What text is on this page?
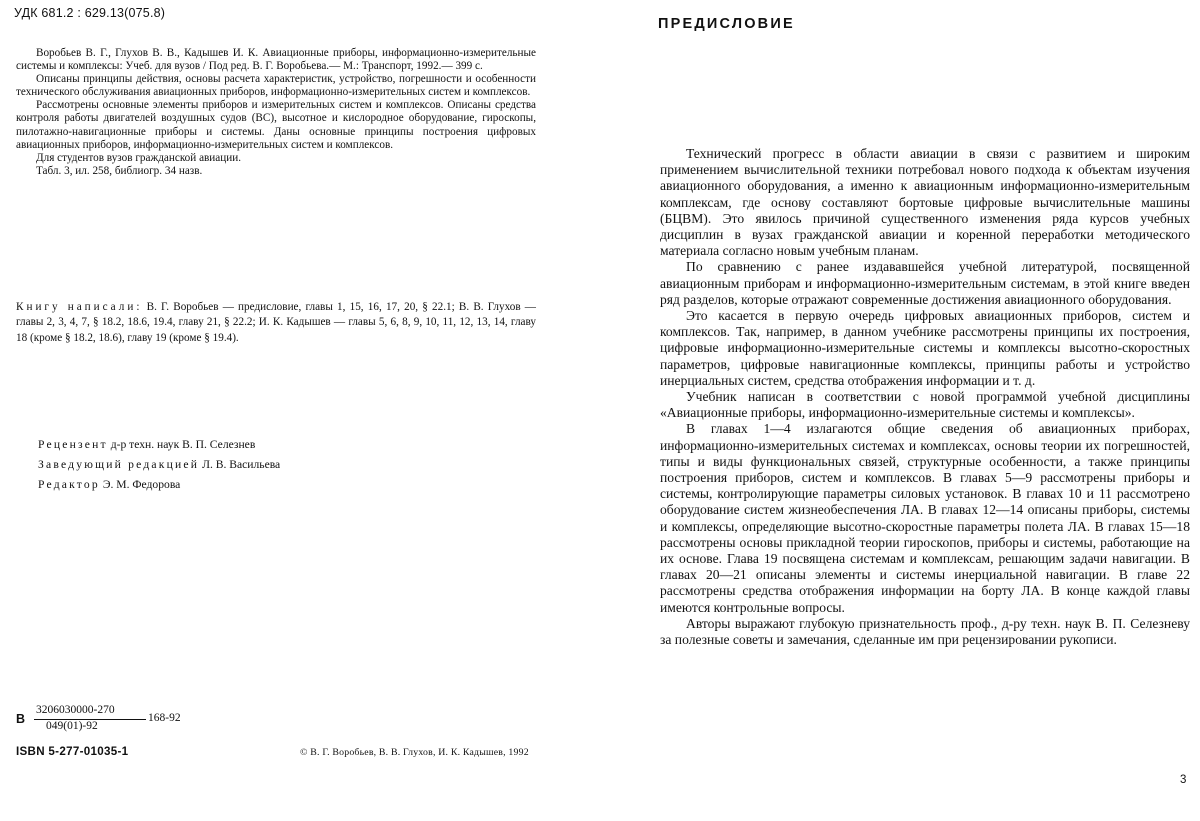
УДК 681.2 : 629.13(075.8)

Воробьев В. Г., Глухов В. В., Кадышев И. К. Авиационные приборы, информационно-измерительные системы и комплексы: Учеб. для вузов / Под ред. В. Г. Воробьева.— М.: Транспорт, 1992.— 399 с.

Описаны принципы действия, основы расчета характеристик, устройство, погрешности и особенности технического обслуживания авиационных приборов, информационно-измерительных систем и комплексов.

Рассмотрены основные элементы приборов и измерительных систем и комплексов. Описаны средства контроля работы двигателей воздушных судов (ВС), высотное и кислородное оборудование, гироскопы, пилотажно-навигационные приборы и системы. Даны основные принципы построения цифровых авиационных приборов, информационно-измерительных систем и комплексов.

Для студентов вузов гражданской авиации.

Табл. 3, ил. 258, библиогр. 34 назв.

Книгу написали: В. Г. Воробьев — предисловие, главы 1, 15, 16, 17, 20, § 22.1; В. В. Глухов — главы 2, 3, 4, 7, § 18.2, 18.6, 19.4, главу 21, § 22.2; И. К. Кадышев — главы 5, 6, 8, 9, 10, 11, 12, 13, 14, главу 18 (кроме § 18.2, 18.6), главу 19 (кроме § 19.4).
Рецензент д-р техн. наук В. П. Селезнев
Заведующий редакцией Л. В. Васильева
Редактор Э. М. Федорова
В
3206030000-270
049(01)-92
168-92
ISBN 5-277-01035-1	© В. Г. Воробьев, В. В. Глухов, И. К. Кадышев, 1992
ПРЕДИСЛОВИЕ

Технический прогресс в области авиации в связи с развитием и широким применением вычислительной техники потребовал нового подхода к объектам изучения авиационного оборудования, а именно к авиационным информационно-измерительным комплексам, где основу составляют бортовые цифровые вычислительные машины (БЦВМ). Это явилось причиной существенного изменения ряда курсов учебных дисциплин в вузах гражданской авиации и коренной переработки методического материала согласно новым учебным планам.

По сравнению с ранее издававшейся учебной литературой, посвященной авиационным приборам и информационно-измерительным системам, в этой книге введен ряд разделов, которые отражают современные достижения авиационного оборудования.

Это касается в первую очередь цифровых авиационных приборов, систем и комплексов. Так, например, в данном учебнике рассмотрены принципы их построения, цифровые информационно-измерительные системы и комплексы высотно-скоростных параметров, цифровые навигационные комплексы, принципы работы и устройство инерциальных систем, средства отображения информации и т. д.

Учебник написан в соответствии с новой программой учебной дисциплины «Авиационные приборы, информационно-измерительные системы и комплексы».

В главах 1—4 излагаются общие сведения об авиационных приборах, информационно-измерительных системах и комплексах, основы теории их погрешностей, типы и виды функциональных связей, структурные особенности, а также принципы построения приборов, систем и комплексов. В главах 5—9 рассмотрены приборы и системы, контролирующие параметры силовых установок. В главах 10 и 11 рассмотрено оборудование систем жизнеобеспечения ЛА. В главах 12—14 описаны приборы, системы и комплексы, определяющие высотно-скоростные параметры полета ЛА. В главах 15—18 рассмотрены основы прикладной теории гироскопов, приборы и системы, работающие на их основе. Глава 19 посвящена системам и комплексам, решающим задачи навигации. В главах 20—21 описаны элементы и системы инерциальной навигации. В главе 22 рассмотрены средства отображения информации на борту ЛА. В конце каждой главы имеются контрольные вопросы.

Авторы выражают глубокую признательность проф., д-ру техн. наук В. П. Селезневу за полезные советы и замечания, сделанные им при рецензировании рукописи.

3
